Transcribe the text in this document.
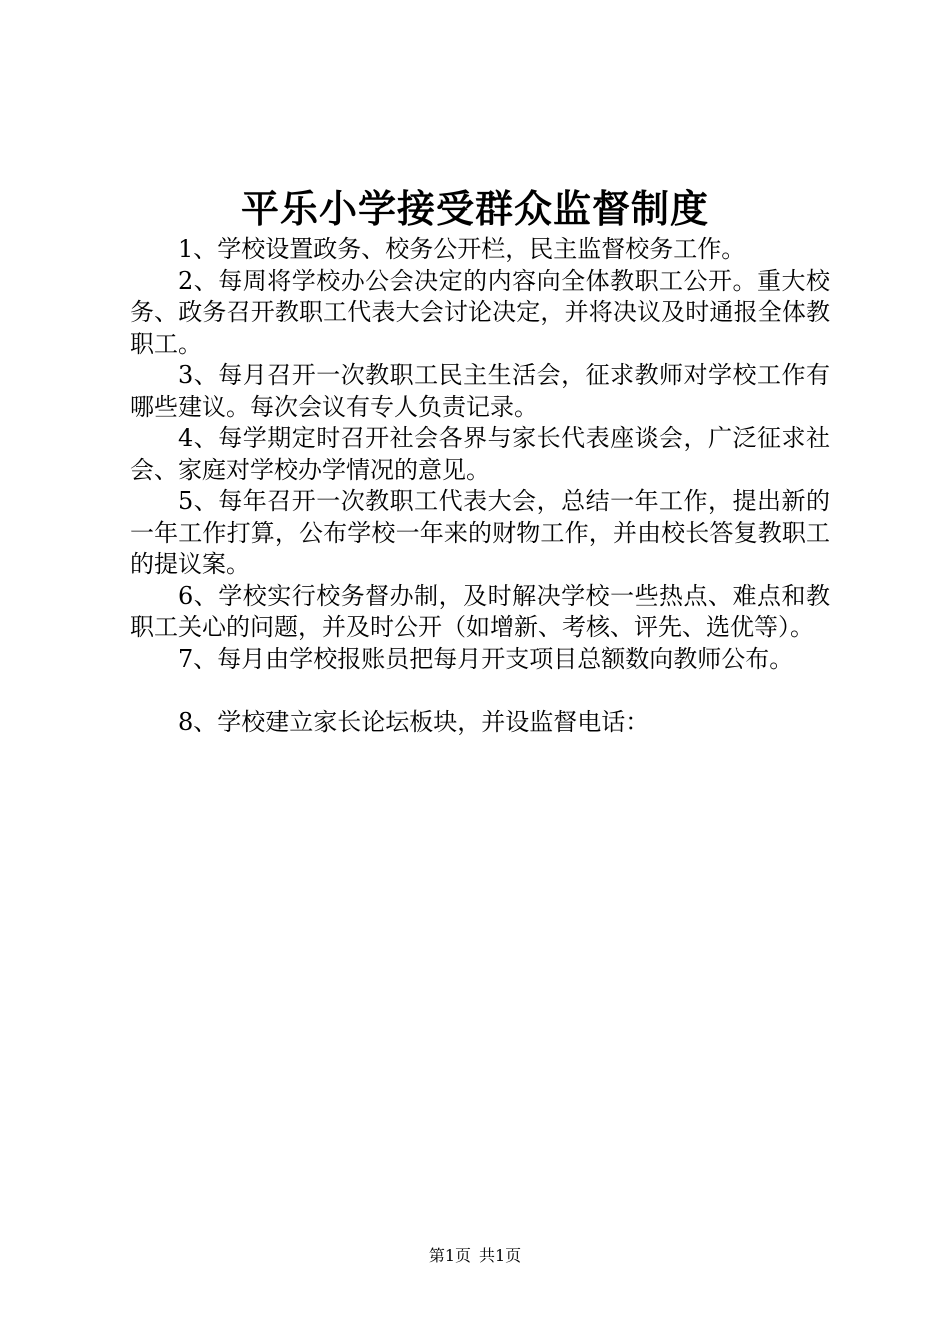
平乐小学接受群众监督制度

1、学校设置政务、校务公开栏，民主监督校务工作。

2、每周将学校办公会决定的内容向全体教职工公开。重大校务、政务召开教职工代表大会讨论决定，并将决议及时通报全体教职工。

3、每月召开一次教职工民主生活会，征求教师对学校工作有哪些建议。每次会议有专人负责记录。

4、每学期定时召开社会各界与家长代表座谈会，广泛征求社会、家庭对学校办学情况的意见。

5、每年召开一次教职工代表大会，总结一年工作，提出新的一年工作打算，公布学校一年来的财物工作，并由校长答复教职工的提议案。

6、学校实行校务督办制，及时解决学校一些热点、难点和教职工关心的问题，并及时公开（如增新、考核、评先、选优等）。

7、每月由学校报账员把每月开支项目总额数向教师公布。

8、学校建立家长论坛板块，并设监督电话：

第1页 共1页
